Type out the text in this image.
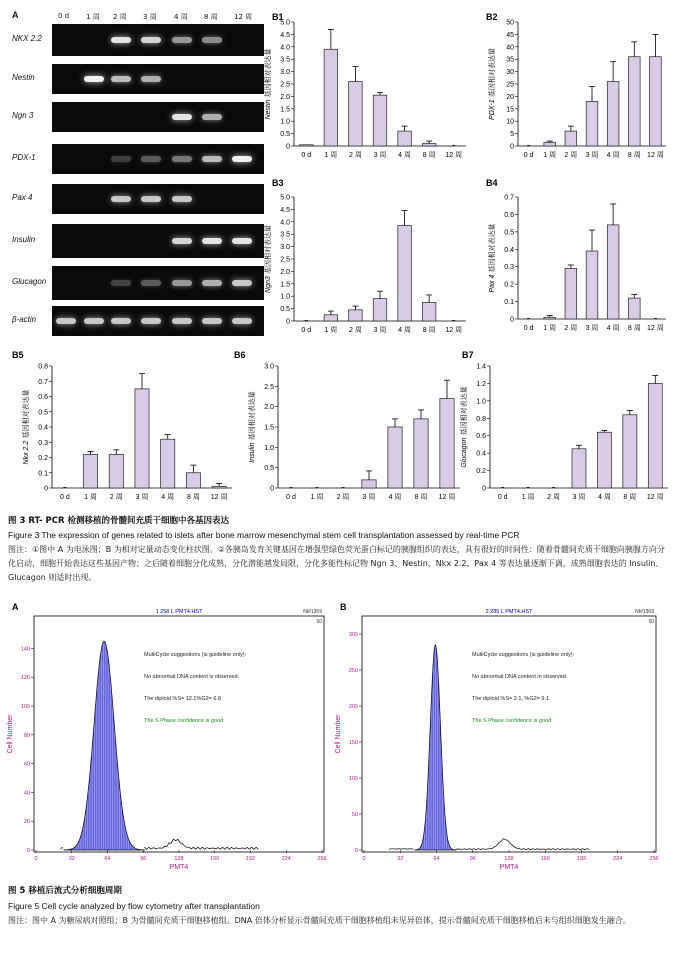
A	0 d 1 周 2 周 3 周 4 周 8 周 12 周
NKX 2.2
Nestin
Ngn 3
PDX-1
Pax 4
Insulin
Glucagon
β-actin
B1
0
0.5
1.0
1.5
2.0
2.5
3.0
3.5
4.0
4.5
5.0
Nestin 基因相对表达量
0 d 1 周 2 周 3 周 4 周 8 周 12 周
B2
0
5
10
15
20
25
30
35
40
45
50
PDX-1 基因相对表达量
0 d 1 周 2 周 3 周 4 周 8 周 12 周
B3
0
0.5
1.0
1.5
2.0
2.5
3.0
3.5
4.0
4.5
5.0
Ngn3 基因相对表达量
0 d 1 周 2 周 3 周 4 周 8 周 12 周
B4
0
0.1
0.2
0.3
0.4
0.5
0.6
0.7
Pax 4 基因相对表达量
0 d 1 周 2 周 3 周 4 周 8 周 12 周
B5
0
0.1
0.2
0.3
0.4
0.5
0.6
0.7
0.8
Nkx 2.2 基因相对表达量
0 d 1 周 2 周 3 周 4 周 8 周 12 周
B6
0
0.5
1.0
1.5
2.0
2.5
3.0
Insulin 基因相对表达量
0 d 1 周 2 周 3 周 4 周 8 周 12 周
B7
0
0.2
0.4
0.6
0.8
1.0
1.2
1.4
Glucagon 基因相对表达量
0 d 1 周 2 周 3 周 4 周 8 周 12 周
图 3 RT- PCR 检测移植的骨髓间充质干细胞中各基因表达
Figure 3 The expression of genes related to islets after bone marrow mesenchymal stem cell transplantation assessed by real-time PCR
图注：①图中 A 为电泳图；B 为相对定量动态变化柱状图。②各胰岛发育关键基因在增强型绿色荧光蛋白标记的胰腺组织的表达，具有很好的时间性：随着骨髓间充质干细胞向胰腺方向分化启动，细胞开始表达这些基因产物；之后随着细胞分化成熟，分化潜能越发局限，分化多能性标记物 Ngn 3、Nestin、Nkx 2.2、Pax 4 等表达量逐渐下调，成熟细胞表达的 Insulin、Glucagon 则适时出现。
A	1 258 L PMT4.HST	Nt#1369
50
0	32	64	96	128	160	192	224	256
0
20
40
60
80
100
120
140
PMT4
Cell Number
MultiCycle suggestions (is guideline only):
No abnormal DNA content is observed.
The diploid %S= 12.1%G2= 6.8
The S Phase confidence is good
B	2 285 L PMT4.HST	Nt#1369
50
0	32	64	96	128	160	192	224	256
0
50
100
150
200
250
300
PMT4
Cell Number
MultiCycle suggestions (is guideline only):
No abnormal DNA content in observed.
The diploid %S= 2.1, %G2= 9.1
The S Phase confidence is good
图 5 移植后流式分析细胞周期
Figure 5 Cell cycle analyzed by flow cytometry after transplantation
图注：图中 A 为糖尿病对照组；B 为骨髓间充质干细胞移植组。DNA 倍体分析显示骨髓间充质干细胞移植组未见异倍体，提示骨髓间充质干细胞移植后未与组织细胞发生融合。
